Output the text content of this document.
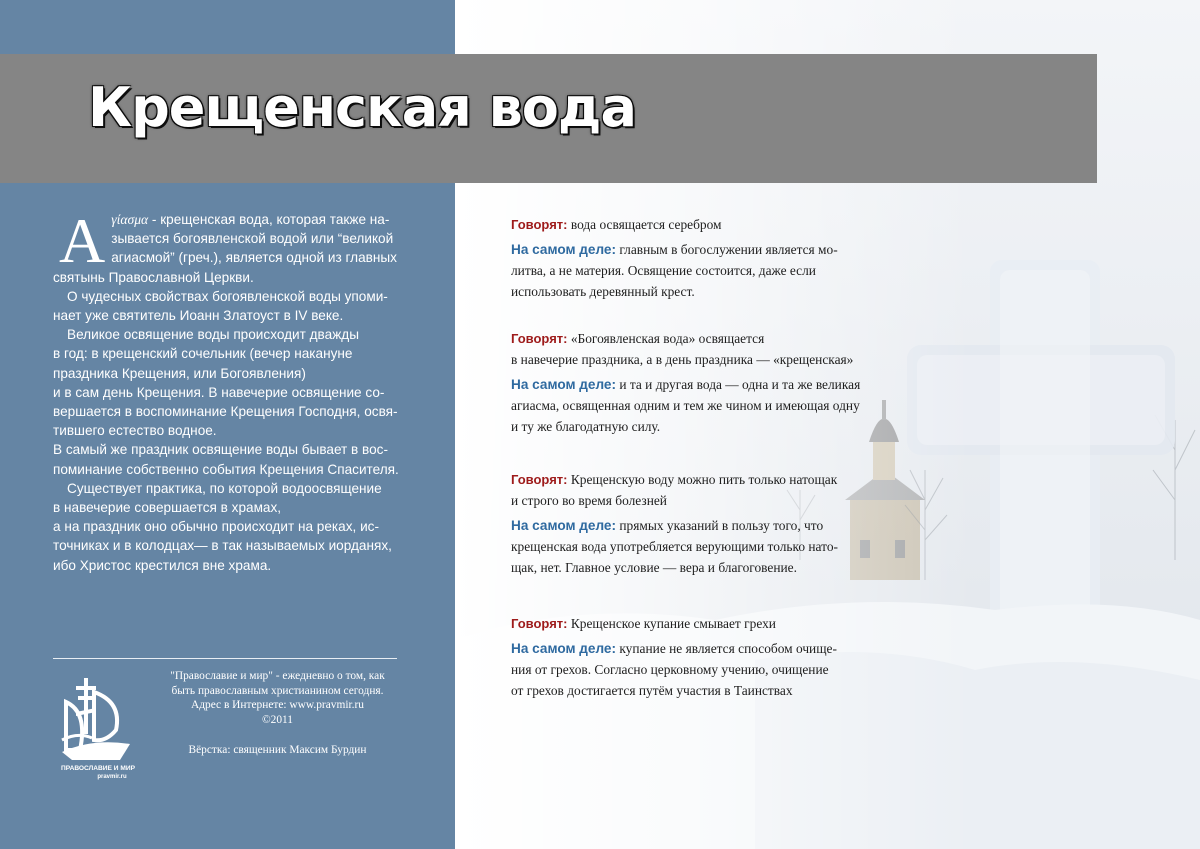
Крещенская вода
А γίασμα - крещенская вода, которая также на-
зывается богоявленской водой или “великой
агиасмой” (греч.), является одной из главных
святынь Православной Церкви.

О чудесных свойствах богоявленской воды упоми-
нает уже святитель Иоанн Златоуст в IV веке.

Великое освящение воды происходит дважды
в год: в крещенский сочельник (вечер накануне
праздника Крещения, или Богоявления)
и в сам день Крещения. В навечерие освящение со-
вершается в воспоминание Крещения Господня, освя-
тившего естество водное.
В самый же праздник освящение воды бывает в вос-
поминание собственно события Крещения Спасителя.

Существует практика, по которой водоосвящение
в навечерие совершается в храмах,
а на праздник оно обычно происходит на реках, ис-
точниках и в колодцах— в так называемых иорданях,
ибо Христос крестился вне храма.

ПРАВОСЛАВИЕ И МИР
pravmir.ru

"Православие и мир" - ежедневно о том, как

быть православным христианином сегодня.

Адрес в Интернете: www.pravmir.ru

©2011

Вёрстка: священник Максим Бурдин

Говорят: вода освящается серебром

На самом деле: главным в богослужении является мо-
литва, а не материя. Освящение состоится, даже если
использовать деревянный крест.

Говорят: «Богоявленская вода» освящается
в навечерие праздника, а в день праздника — «крещенская»

На самом деле: и та и другая вода — одна и та же великая
агиасма, освященная одним и тем же чином и имеющая одну
и ту же благодатную силу.

Говорят: Крещенскую воду можно пить только натощак
и строго во время болезней

На самом деле: прямых указаний в пользу того, что
крещенская вода употребляется верующими только нато-
щак, нет. Главное условие — вера и благоговение.

Говорят: Крещенское купание смывает грехи

На самом деле: купание не является способом очище-
ния от грехов. Согласно церковному учению, очищение
от грехов достигается путём участия в Таинствах
